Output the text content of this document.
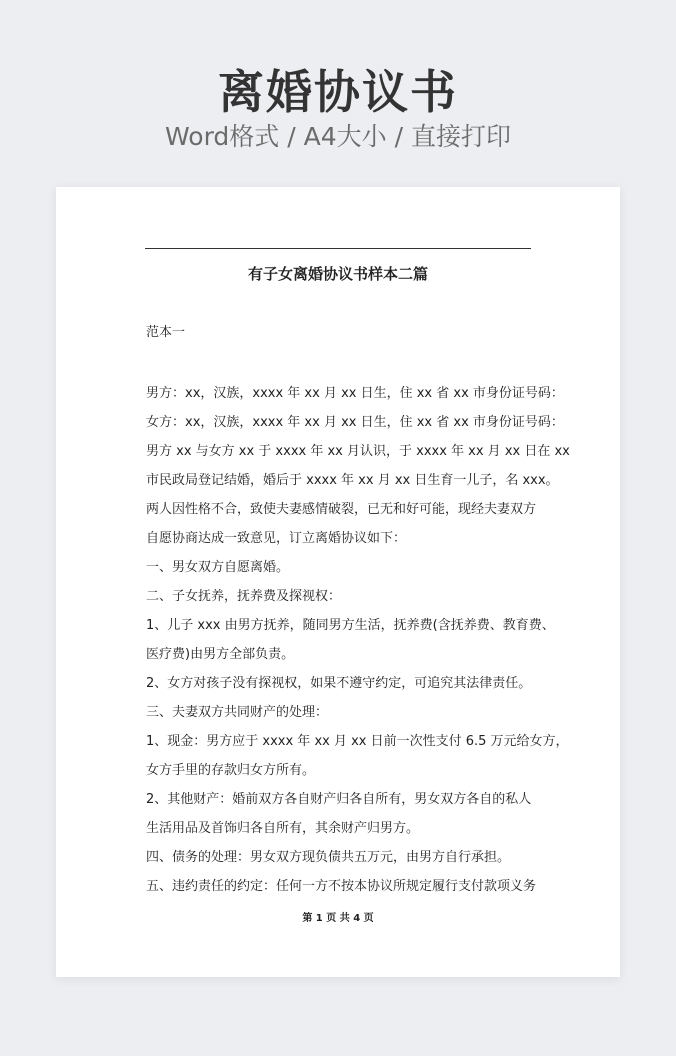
离婚协议书
Word格式 / A4大小 / 直接打印
有子女离婚协议书样本二篇
范本一
男方：xx，汉族，xxxx 年 xx 月 xx 日生，住 xx 省 xx 市身份证号码：
女方：xx，汉族，xxxx 年 xx 月 xx 日生，住 xx 省 xx 市身份证号码：
男方 xx 与女方 xx 于 xxxx 年 xx 月认识，于 xxxx 年 xx 月 xx 日在 xx
市民政局登记结婚，婚后于 xxxx 年 xx 月 xx 日生育一儿子，名 xxx。
两人因性格不合，致使夫妻感情破裂，已无和好可能，现经夫妻双方
自愿协商达成一致意见，订立离婚协议如下：
一、男女双方自愿离婚。
二、子女抚养，抚养费及探视权：
1、儿子 xxx 由男方抚养，随同男方生活，抚养费(含抚养费、教育费、
医疗费)由男方全部负责。
2、女方对孩子没有探视权，如果不遵守约定，可追究其法律责任。
三、夫妻双方共同财产的处理：
1、现金：男方应于 xxxx 年 xx 月 xx 日前一次性支付 6.5 万元给女方，
女方手里的存款归女方所有。
2、其他财产：婚前双方各自财产归各自所有，男女双方各自的私人
生活用品及首饰归各自所有，其余财产归男方。
四、债务的处理：男女双方现负债共五万元，由男方自行承担。
五、违约责任的约定：任何一方不按本协议所规定履行支付款项义务
第 1 页 共 4 页
